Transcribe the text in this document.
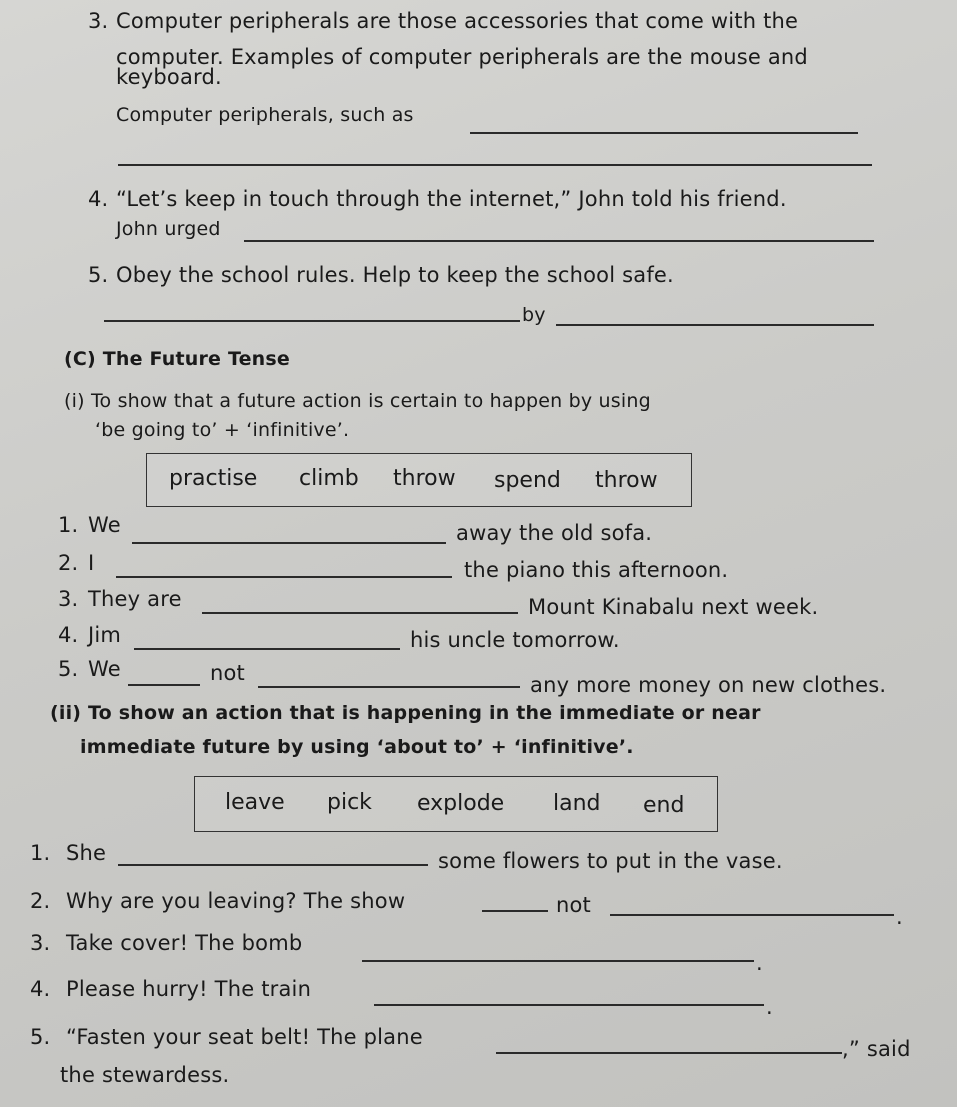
3. Computer peripherals are those accessories that come with the
computer. Examples of computer peripherals are the mouse and
keyboard.
Computer peripherals, such as
4. “Let’s keep in touch through the internet,” John told his friend.
John urged
5. Obey the school rules. Help to keep the school safe.
by
(C) The Future Tense
(i) To show that a future action is certain to happen by using
‘be going to’ + ‘infinitive’.
practise climb throw spend throw
1. We	away the old sofa.
2. I	the piano this afternoon.
3. They are	Mount Kinabalu next week.
4. Jim	his uncle tomorrow.
5. We	not	any more money on new clothes.
(ii) To show an action that is happening in the immediate or near
immediate future by using ‘about to’ + ‘infinitive’.
leave pick explode land end
1. She	some flowers to put in the vase.
2. Why are you leaving? The show	not	.
3. Take cover! The bomb
.
4. Please hurry! The train
.
5. “Fasten your seat belt! The plane	,” said
the stewardess.
